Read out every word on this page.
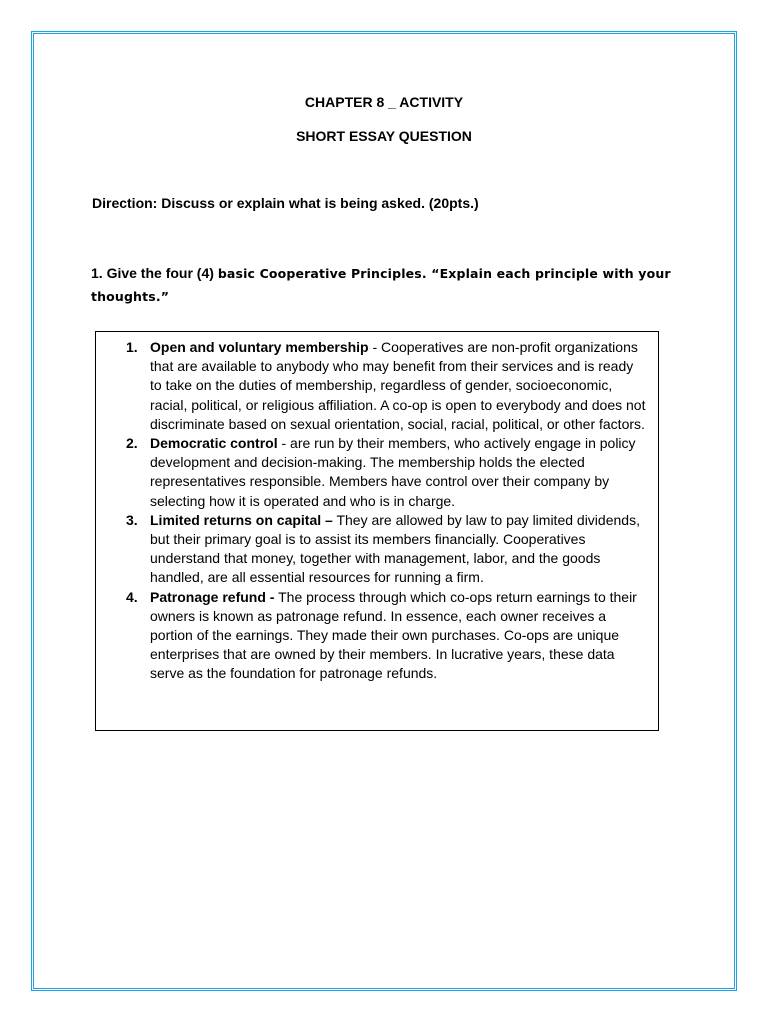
CHAPTER 8 _ ACTIVITY
SHORT ESSAY QUESTION
Direction: Discuss or explain what is being asked. (20pts.)
1. Give the four (4) basic Cooperative Principles. “Explain each principle with your thoughts.”
1. Open and voluntary membership - Cooperatives are non-profit organizations that are available to anybody who may benefit from their services and is ready to take on the duties of membership, regardless of gender, socioeconomic, racial, political, or religious affiliation. A co-op is open to everybody and does not discriminate based on sexual orientation, social, racial, political, or other factors.
2. Democratic control - are run by their members, who actively engage in policy development and decision-making. The membership holds the elected representatives responsible. Members have control over their company by selecting how it is operated and who is in charge.
3. Limited returns on capital – They are allowed by law to pay limited dividends, but their primary goal is to assist its members financially. Cooperatives understand that money, together with management, labor, and the goods handled, are all essential resources for running a firm.
4. Patronage refund - The process through which co-ops return earnings to their owners is known as patronage refund. In essence, each owner receives a portion of the earnings. They made their own purchases. Co-ops are unique enterprises that are owned by their members. In lucrative years, these data serve as the foundation for patronage refunds.
